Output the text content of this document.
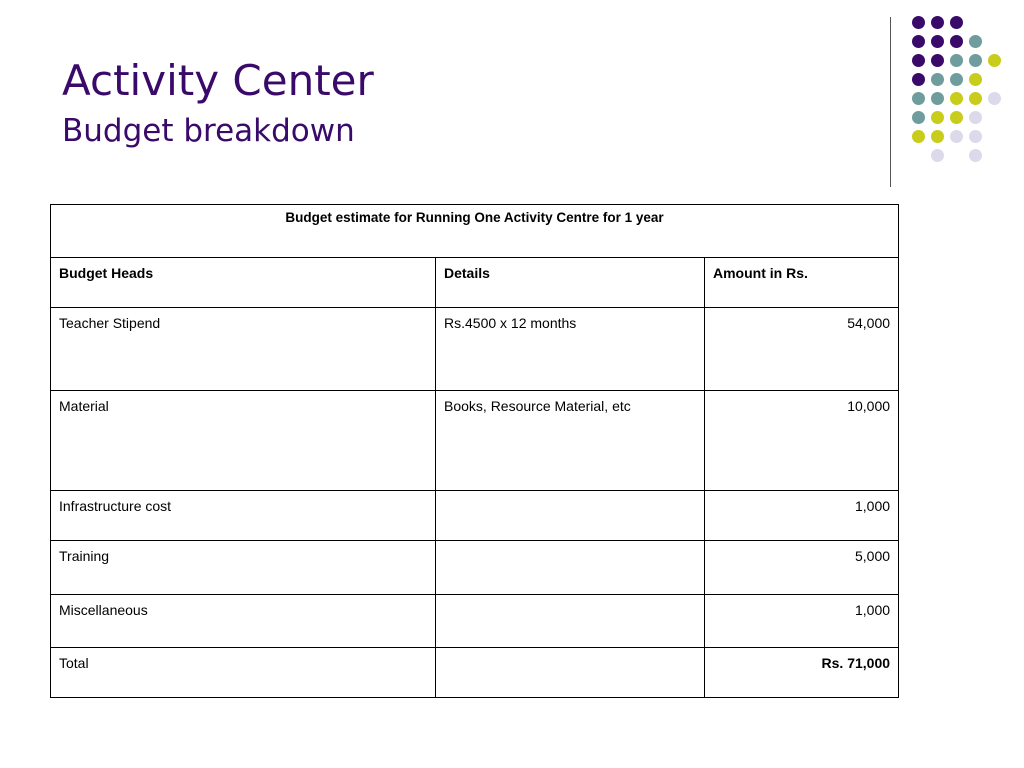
Activity Center
Budget breakdown
Budget estimate for Running One Activity Centre for 1 year		
Budget Heads	Details	Amount in Rs.
Teacher Stipend	Rs.4500 x 12 months	54,000
Material	Books, Resource Material, etc	10,000
Infrastructure cost		1,000
Training		5,000
Miscellaneous		1,000
Total		Rs. 71,000
